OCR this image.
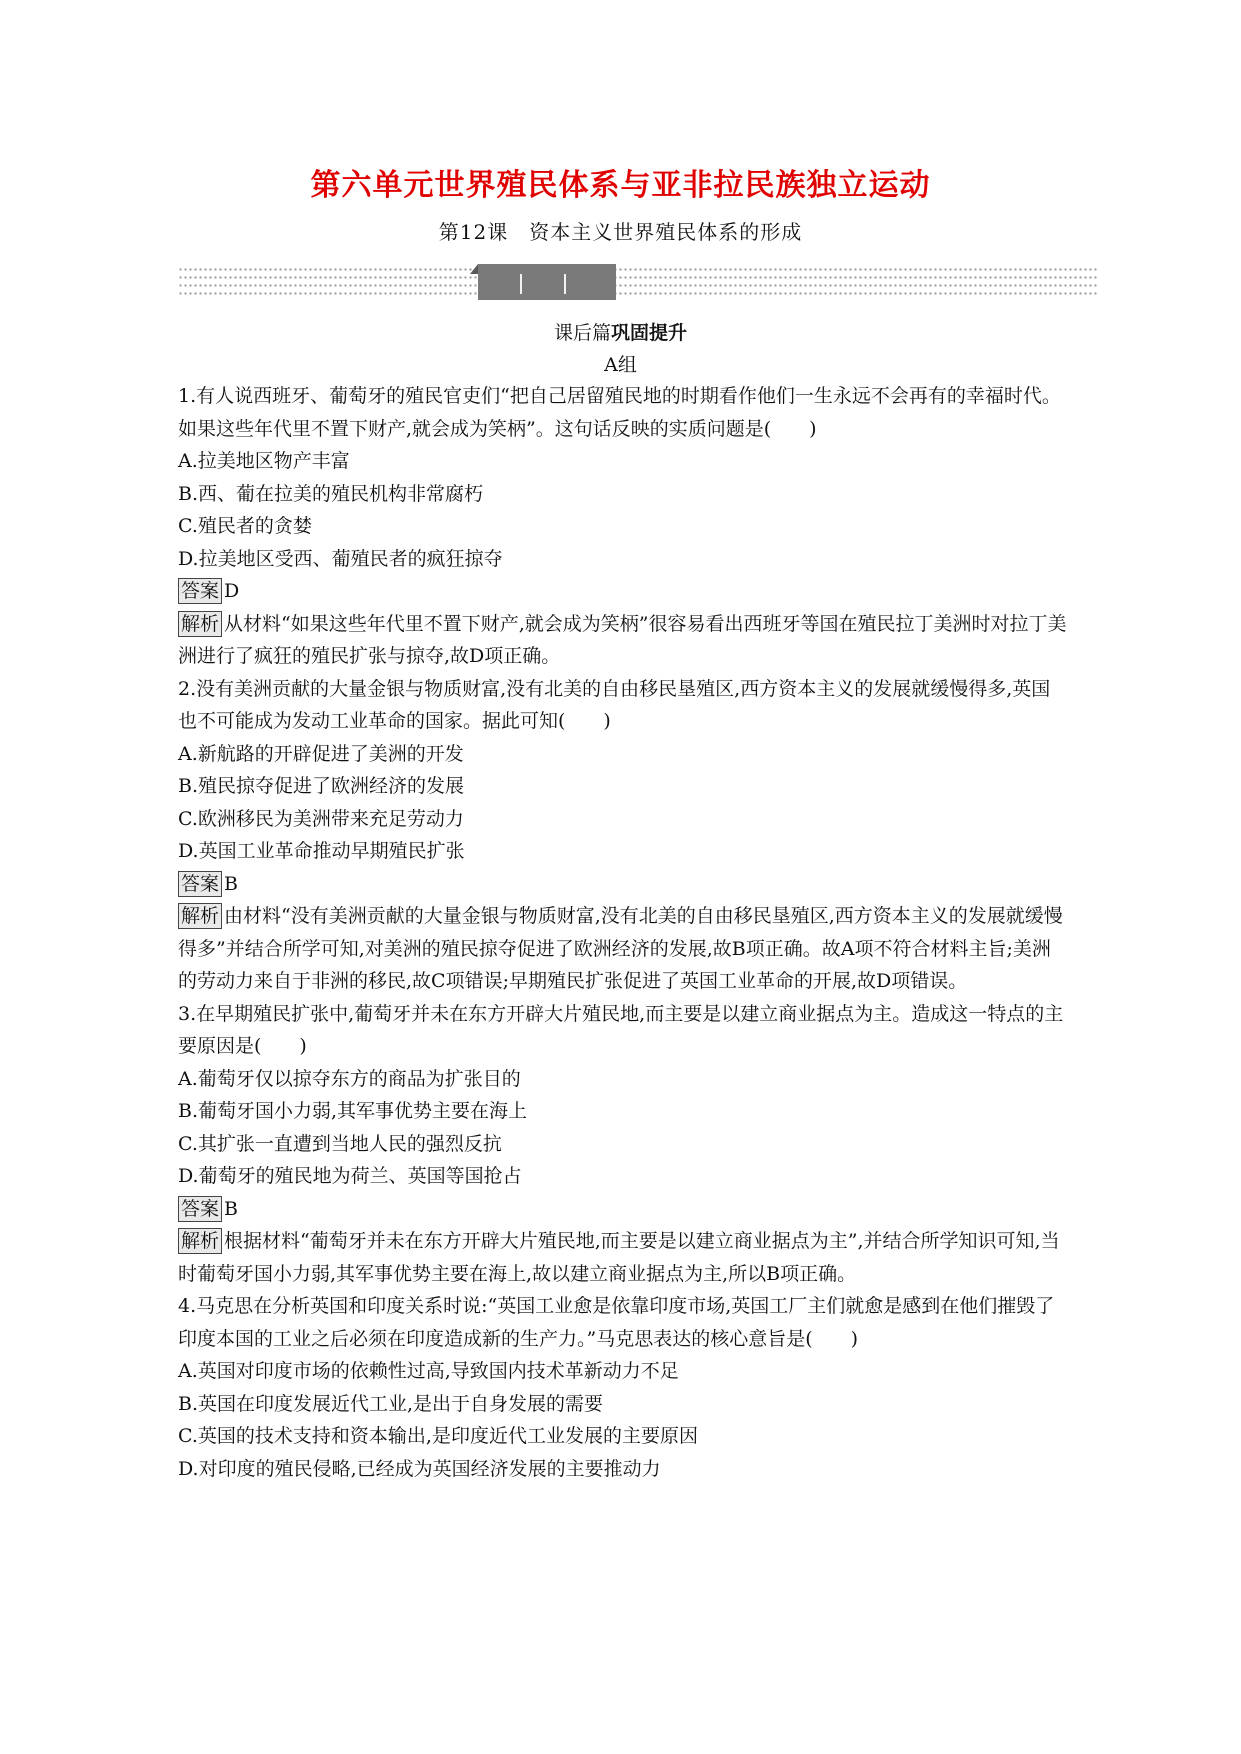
第六单元世界殖民体系与亚非拉民族独立运动
第12课　资本主义世界殖民体系的形成
课后篇巩固提升
A组

1.有人说西班牙、葡萄牙的殖民官吏们“把自己居留殖民地的时期看作他们一生永远不会再有的幸福时代。如果这些年代里不置下财产,就会成为笑柄”。这句话反映的实质问题是(　　)

A.拉美地区物产丰富

B.西、葡在拉美的殖民机构非常腐朽

C.殖民者的贪婪

D.拉美地区受西、葡殖民者的疯狂掠夺

答案 D

解析 从材料“如果这些年代里不置下财产,就会成为笑柄”很容易看出西班牙等国在殖民拉丁美洲时对拉丁美洲进行了疯狂的殖民扩张与掠夺,故D项正确。

2.没有美洲贡献的大量金银与物质财富,没有北美的自由移民垦殖区,西方资本主义的发展就缓慢得多,英国也不可能成为发动工业革命的国家。据此可知(　　)

A.新航路的开辟促进了美洲的开发

B.殖民掠夺促进了欧洲经济的发展

C.欧洲移民为美洲带来充足劳动力

D.英国工业革命推动早期殖民扩张

答案 B

解析 由材料“没有美洲贡献的大量金银与物质财富,没有北美的自由移民垦殖区,西方资本主义的发展就缓慢得多”并结合所学可知,对美洲的殖民掠夺促进了欧洲经济的发展,故B项正确。故A项不符合材料主旨;美洲的劳动力来自于非洲的移民,故C项错误;早期殖民扩张促进了英国工业革命的开展,故D项错误。

3.在早期殖民扩张中,葡萄牙并未在东方开辟大片殖民地,而主要是以建立商业据点为主。造成这一特点的主要原因是(　　)

A.葡萄牙仅以掠夺东方的商品为扩张目的

B.葡萄牙国小力弱,其军事优势主要在海上

C.其扩张一直遭到当地人民的强烈反抗

D.葡萄牙的殖民地为荷兰、英国等国抢占

答案 B

解析 根据材料“葡萄牙并未在东方开辟大片殖民地,而主要是以建立商业据点为主”,并结合所学知识可知,当时葡萄牙国小力弱,其军事优势主要在海上,故以建立商业据点为主,所以B项正确。

4.马克思在分析英国和印度关系时说:“英国工业愈是依靠印度市场,英国工厂主们就愈是感到在他们摧毁了印度本国的工业之后必须在印度造成新的生产力。”马克思表达的核心意旨是(　　)

A.英国对印度市场的依赖性过高,导致国内技术革新动力不足

B.英国在印度发展近代工业,是出于自身发展的需要

C.英国的技术支持和资本输出,是印度近代工业发展的主要原因

D.对印度的殖民侵略,已经成为英国经济发展的主要推动力
